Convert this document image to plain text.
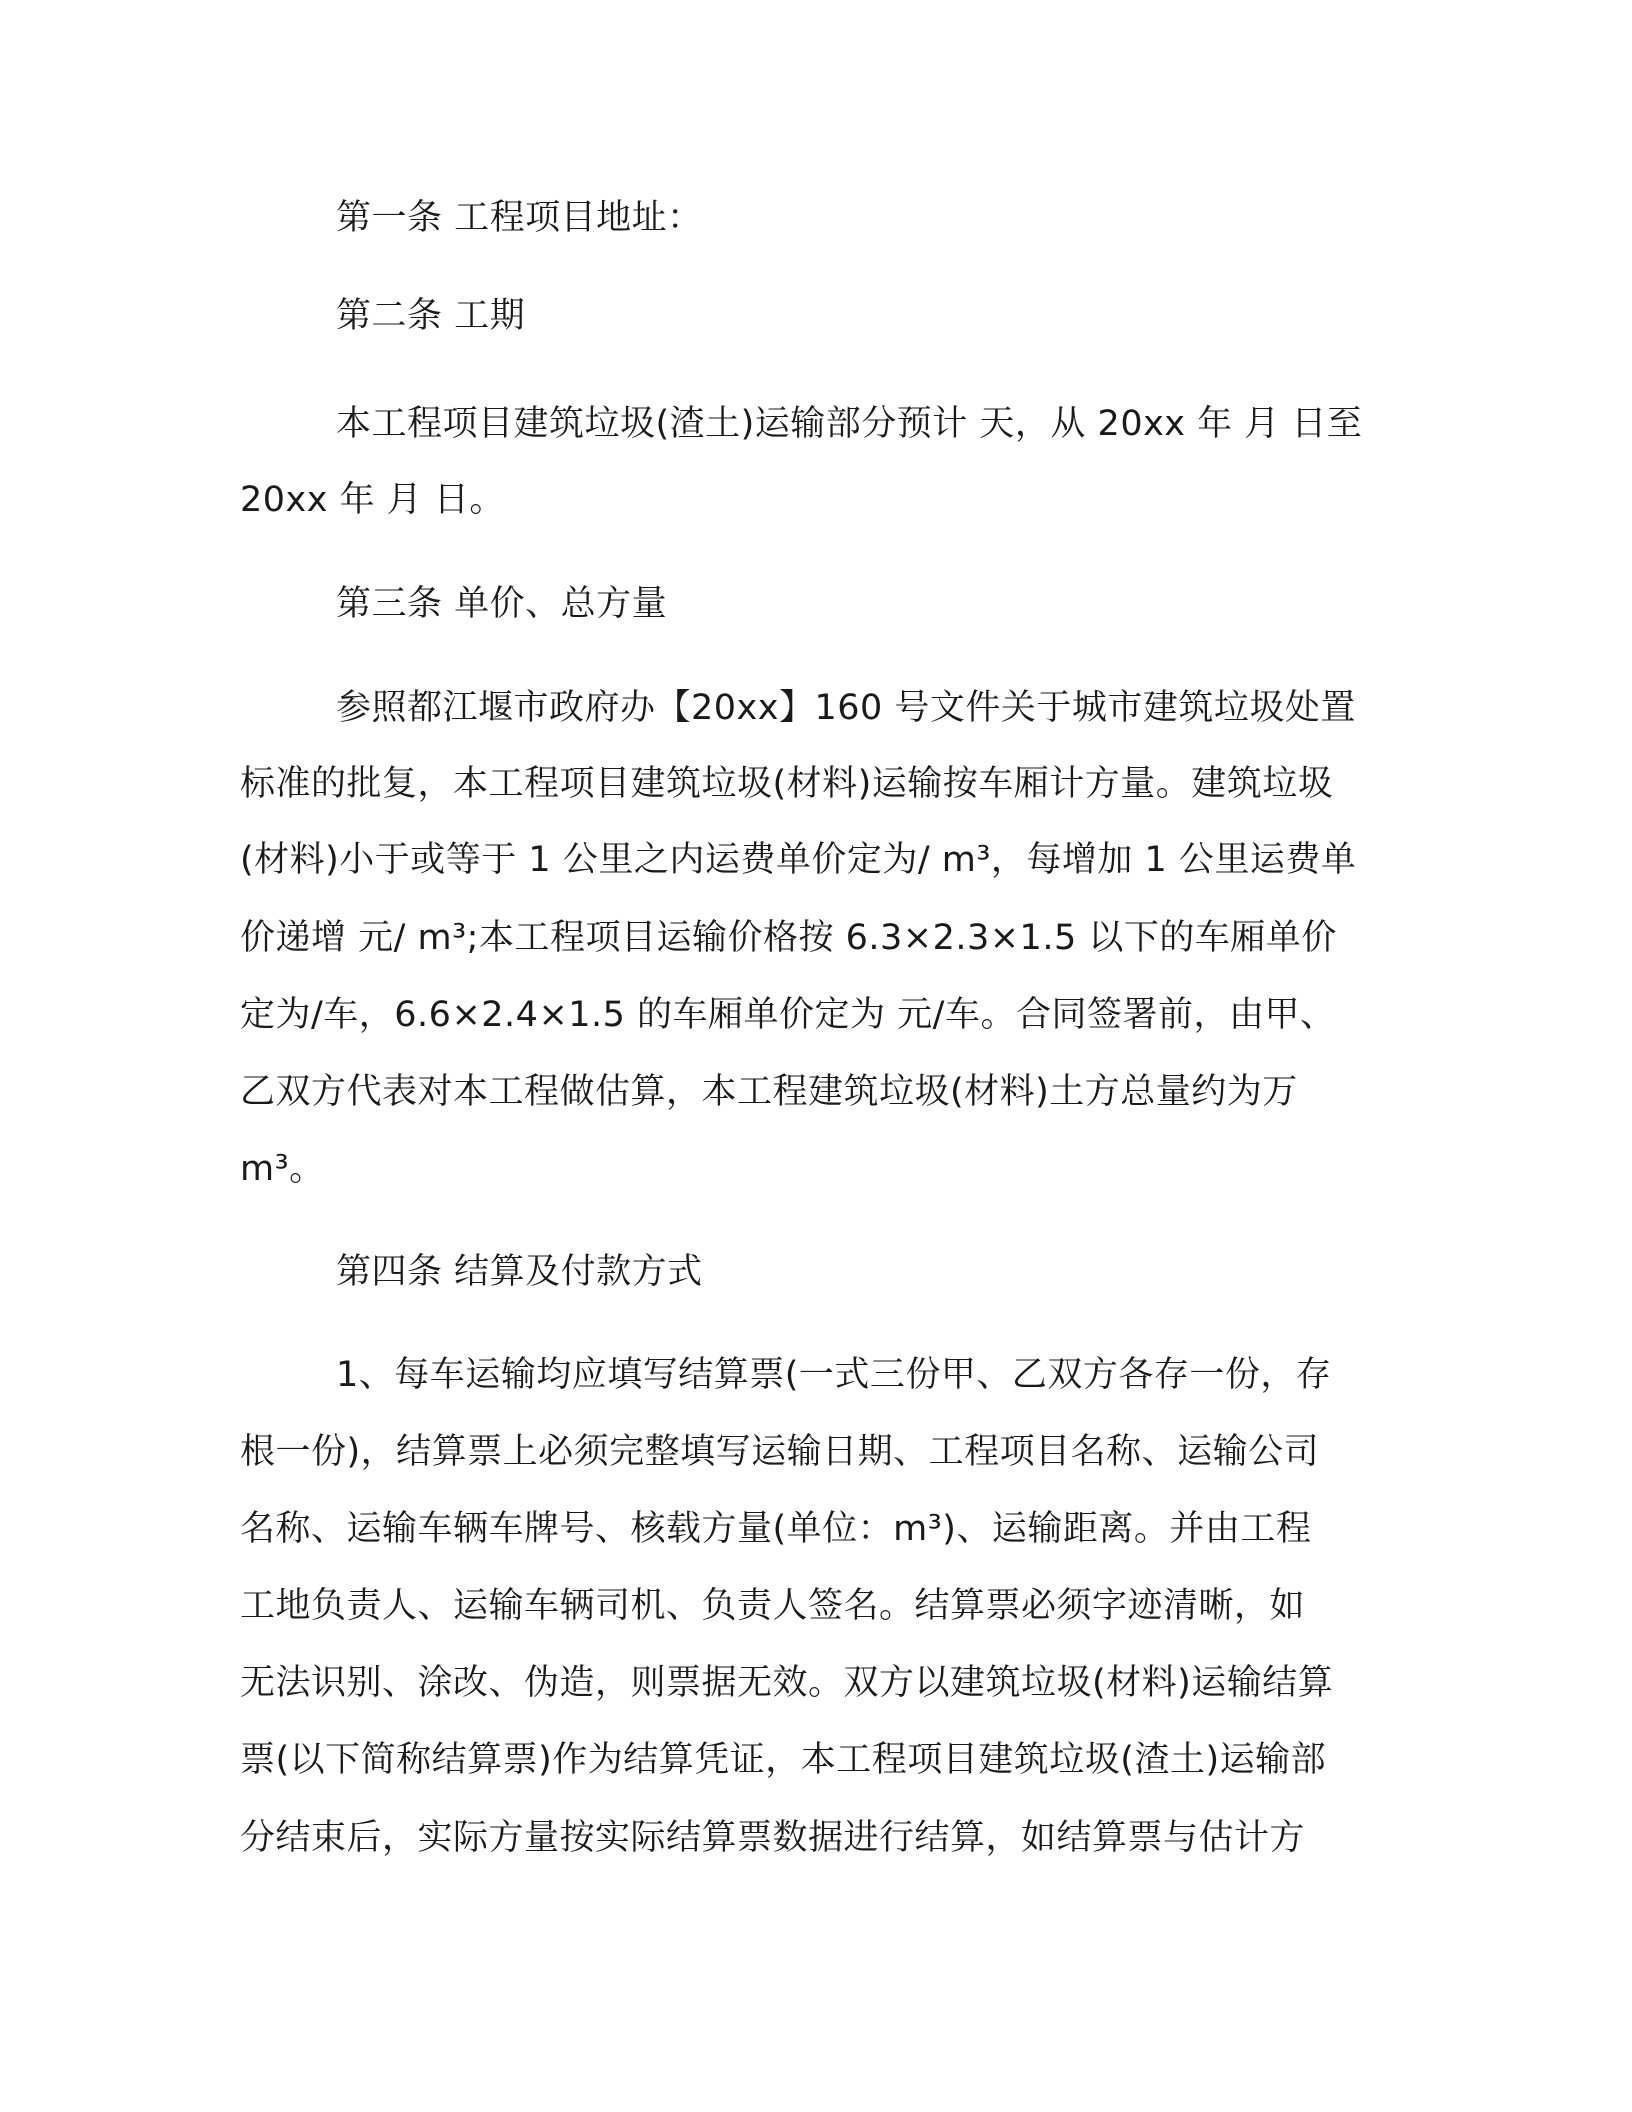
第一条 工程项目地址：
第二条 工期
本工程项目建筑垃圾(渣土)运输部分预计 天，从 20xx 年 月 日至
20xx 年 月 日。
第三条 单价、总方量
参照都江堰市政府办【20xx】160 号文件关于城市建筑垃圾处置
标准的批复，本工程项目建筑垃圾(材料)运输按车厢计方量。建筑垃圾
(材料)小于或等于 1 公里之内运费单价定为/ m³，每增加 1 公里运费单
价递增 元/ m³;本工程项目运输价格按 6.3×2.3×1.5 以下的车厢单价
定为/车，6.6×2.4×1.5 的车厢单价定为 元/车。合同签署前，由甲、
乙双方代表对本工程做估算，本工程建筑垃圾(材料)土方总量约为万
m³。
第四条 结算及付款方式
1、每车运输均应填写结算票(一式三份甲、乙双方各存一份，存
根一份)，结算票上必须完整填写运输日期、工程项目名称、运输公司
名称、运输车辆车牌号、核载方量(单位：m³)、运输距离。并由工程
工地负责人、运输车辆司机、负责人签名。结算票必须字迹清晰，如
无法识别、涂改、伪造，则票据无效。双方以建筑垃圾(材料)运输结算
票(以下简称结算票)作为结算凭证，本工程项目建筑垃圾(渣土)运输部
分结束后，实际方量按实际结算票数据进行结算，如结算票与估计方
